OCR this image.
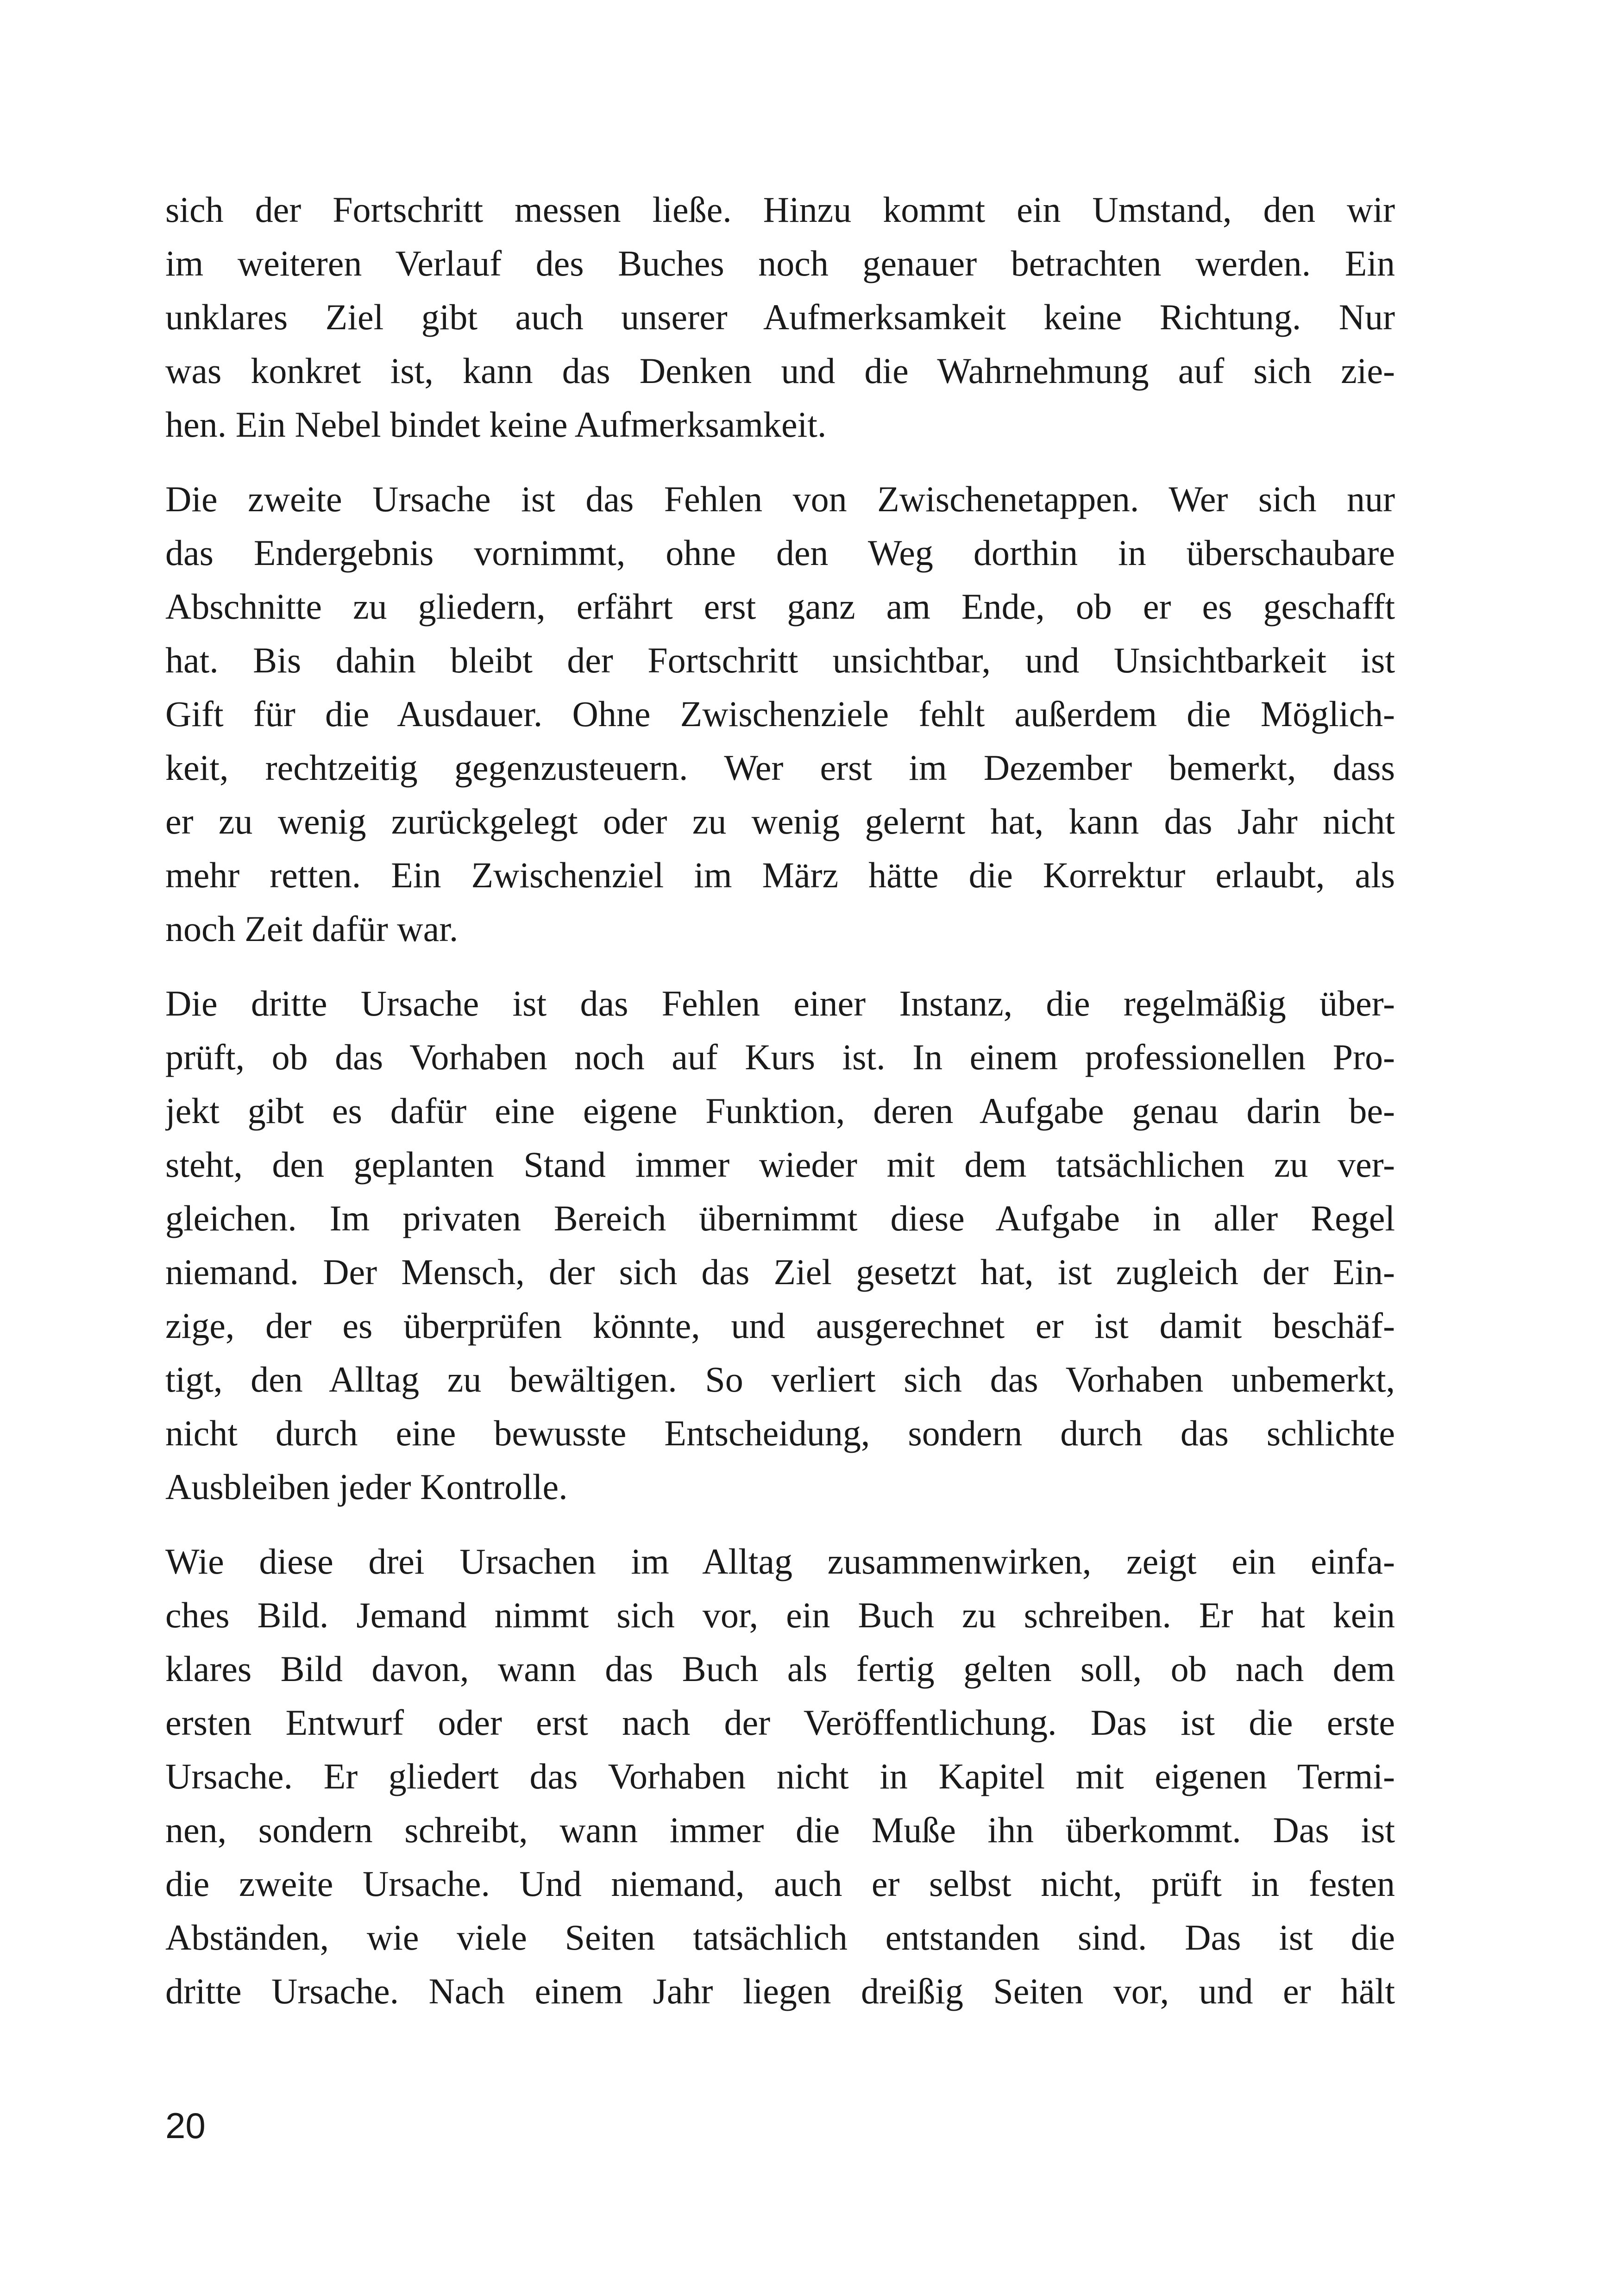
sich der Fortschritt messen ließe. Hinzu kommt ein Umstand, den wir
im weiteren Verlauf des Buches noch genauer betrachten werden. Ein
unklares Ziel gibt auch unserer Aufmerksamkeit keine Richtung. Nur
was konkret ist, kann das Denken und die Wahrnehmung auf sich zie-
hen. Ein Nebel bindet keine Aufmerksamkeit.

Die zweite Ursache ist das Fehlen von Zwischenetappen. Wer sich nur
das Endergebnis vornimmt, ohne den Weg dorthin in überschaubare
Abschnitte zu gliedern, erfährt erst ganz am Ende, ob er es geschafft
hat. Bis dahin bleibt der Fortschritt unsichtbar, und Unsichtbarkeit ist
Gift für die Ausdauer. Ohne Zwischenziele fehlt außerdem die Möglich-
keit, rechtzeitig gegenzusteuern. Wer erst im Dezember bemerkt, dass
er zu wenig zurückgelegt oder zu wenig gelernt hat, kann das Jahr nicht
mehr retten. Ein Zwischenziel im März hätte die Korrektur erlaubt, als
noch Zeit dafür war.

Die dritte Ursache ist das Fehlen einer Instanz, die regelmäßig über-
prüft, ob das Vorhaben noch auf Kurs ist. In einem professionellen Pro-
jekt gibt es dafür eine eigene Funktion, deren Aufgabe genau darin be-
steht, den geplanten Stand immer wieder mit dem tatsächlichen zu ver-
gleichen. Im privaten Bereich übernimmt diese Aufgabe in aller Regel
niemand. Der Mensch, der sich das Ziel gesetzt hat, ist zugleich der Ein-
zige, der es überprüfen könnte, und ausgerechnet er ist damit beschäf-
tigt, den Alltag zu bewältigen. So verliert sich das Vorhaben unbemerkt,
nicht durch eine bewusste Entscheidung, sondern durch das schlichte
Ausbleiben jeder Kontrolle.

Wie diese drei Ursachen im Alltag zusammenwirken, zeigt ein einfa-
ches Bild. Jemand nimmt sich vor, ein Buch zu schreiben. Er hat kein
klares Bild davon, wann das Buch als fertig gelten soll, ob nach dem
ersten Entwurf oder erst nach der Veröffentlichung. Das ist die erste
Ursache. Er gliedert das Vorhaben nicht in Kapitel mit eigenen Termi-
nen, sondern schreibt, wann immer die Muße ihn überkommt. Das ist
die zweite Ursache. Und niemand, auch er selbst nicht, prüft in festen
Abständen, wie viele Seiten tatsächlich entstanden sind. Das ist die
dritte Ursache. Nach einem Jahr liegen dreißig Seiten vor, und er hält

20
